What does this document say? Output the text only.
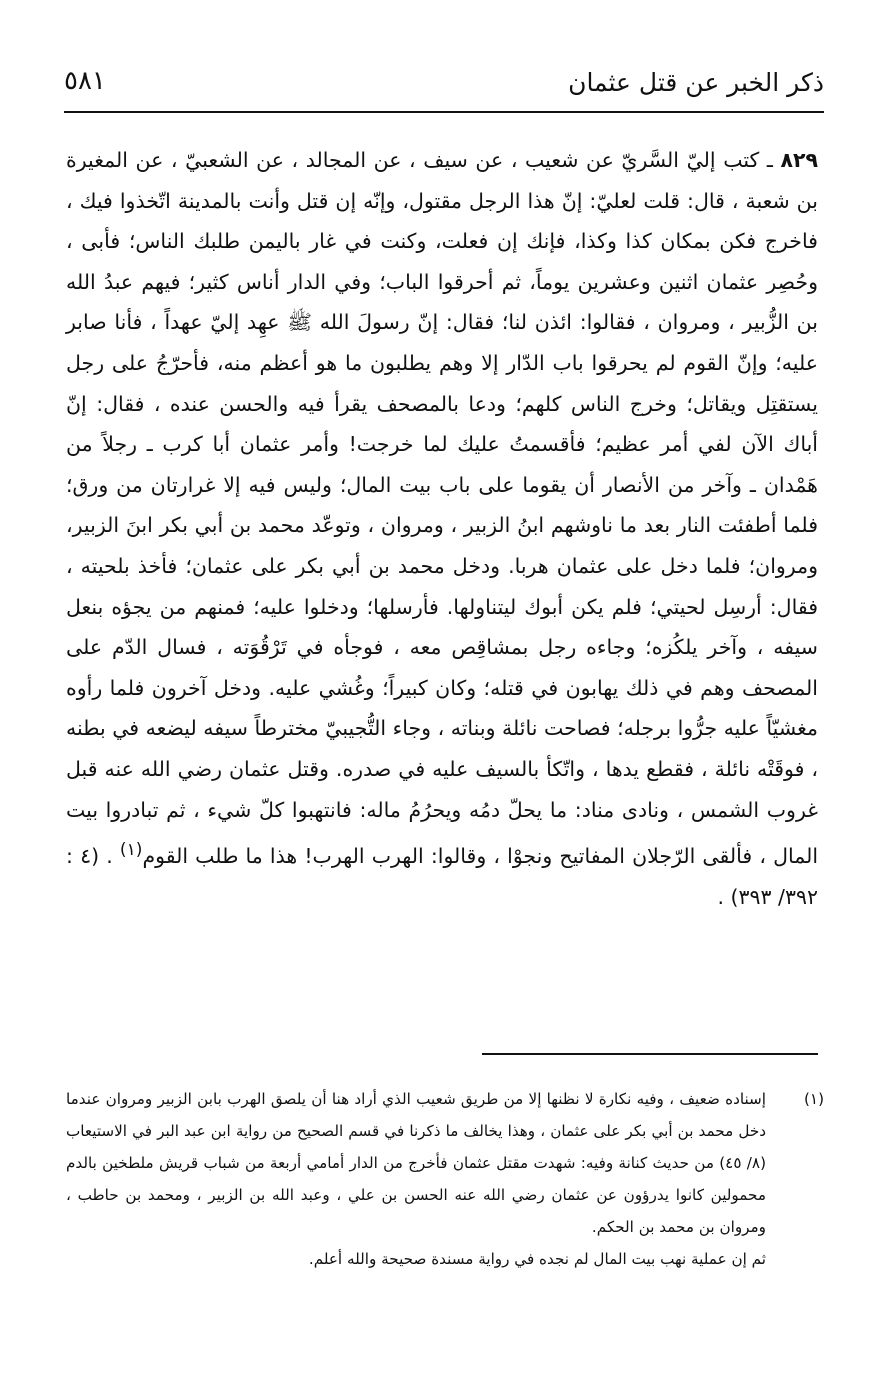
ذكر الخبر عن قتل عثمان
٥٨١

٨٢٩ ـ كتب إليّ السَّريّ عن شعيب ، عن سيف ، عن المجالد ، عن الشعبيّ ، عن المغيرة بن شعبة ، قال: قلت لعليّ: إنّ هذا الرجل مقتول، وإنّه إن قتل وأنت بالمدينة اتّخذوا فيك ، فاخرج فكن بمكان كذا وكذا، فإنك إن فعلت، وكنت في غار باليمن طلبك الناس؛ فأبى ، وحُصِر عثمان اثنين وعشرين يوماً، ثم أحرقوا الباب؛ وفي الدار أناس كثير؛ فيهم عبدُ الله بن الزُّبير ، ومروان ، فقالوا: ائذن لنا؛ فقال: إنّ رسولَ الله ﷺ عهِد إليّ عهداً ، فأنا صابر عليه؛ وإنّ القوم لم يحرقوا باب الدّار إلا وهم يطلبون ما هو أعظم منه، فأحرّجُ على رجل يستقتِل ويقاتل؛ وخرج الناس كلهم؛ ودعا بالمصحف يقرأ فيه والحسن عنده ، فقال: إنّ أباك الآن لفي أمر عظيم؛ فأقسمتُ عليك لما خرجت! وأمر عثمان أبا كرب ـ رجلاً من هَمْدان ـ وآخر من الأنصار أن يقوما على باب بيت المال؛ وليس فيه إلا غرارتان من ورق؛ فلما أطفئت النار بعد ما ناوشهم ابنُ الزبير ، ومروان ، وتوعّد محمد بن أبي بكر ابنَ الزبير، ومروان؛ فلما دخل على عثمان هربا. ودخل محمد بن أبي بكر على عثمان؛ فأخذ بلحيته ، فقال: أرسِل لحيتي؛ فلم يكن أبوك ليتناولها. فأرسلها؛ ودخلوا عليه؛ فمنهم من يجؤه بنعل سيفه ، وآخر يلكُزه؛ وجاءه رجل بمشاقِص معه ، فوجأه في تَرْقُوَته ، فسال الدّم على المصحف وهم في ذلك يهابون في قتله؛ وكان كبيراً؛ وغُشي عليه. ودخل آخرون فلما رأوه مغشيّاً عليه جرُّوا برجله؛ فصاحت نائلة وبناته ، وجاء التُّجيبيّ مخترطاً سيفه ليضعه في بطنه ، فوقَتْه نائلة ، فقطع يدها ، واتّكأ بالسيف عليه في صدره. وقتل عثمان رضي الله عنه قبل غروب الشمس ، ونادى مناد: ما يحلّ دمُه ويحرُمُ ماله: فانتهبوا كلّ شيء ، ثم تبادروا بيت المال ، فألقى الرّجلان المفاتيح ونجوْا ، وقالوا: الهرب الهرب! هذا ما طلب القوم$^{(١)}$ . (٤ : ٣٩٢/ ٣٩٣) .

(١)

إسناده ضعيف ، وفيه نكارة لا نظنها إلا من طريق شعيب الذي أراد هنا أن يلصق الهرب بابن الزبير ومروان عندما دخل محمد بن أبي بكر على عثمان ، وهذا يخالف ما ذكرنا في قسم الصحيح من رواية ابن عبد البر في الاستيعاب (٨/ ٤٥) من حديث كنانة وفيه: شهدت مقتل عثمان فأخرج من الدار أمامي أربعة من شباب قريش ملطخين بالدم محمولين كانوا يدرؤون عن عثمان رضي الله عنه الحسن بن علي ، وعبد الله بن الزبير ، ومحمد بن حاطب ، ومروان بن محمد بن الحكم.

ثم إن عملية نهب بيت المال لم نجده في رواية مسندة صحيحة والله أعلم.
